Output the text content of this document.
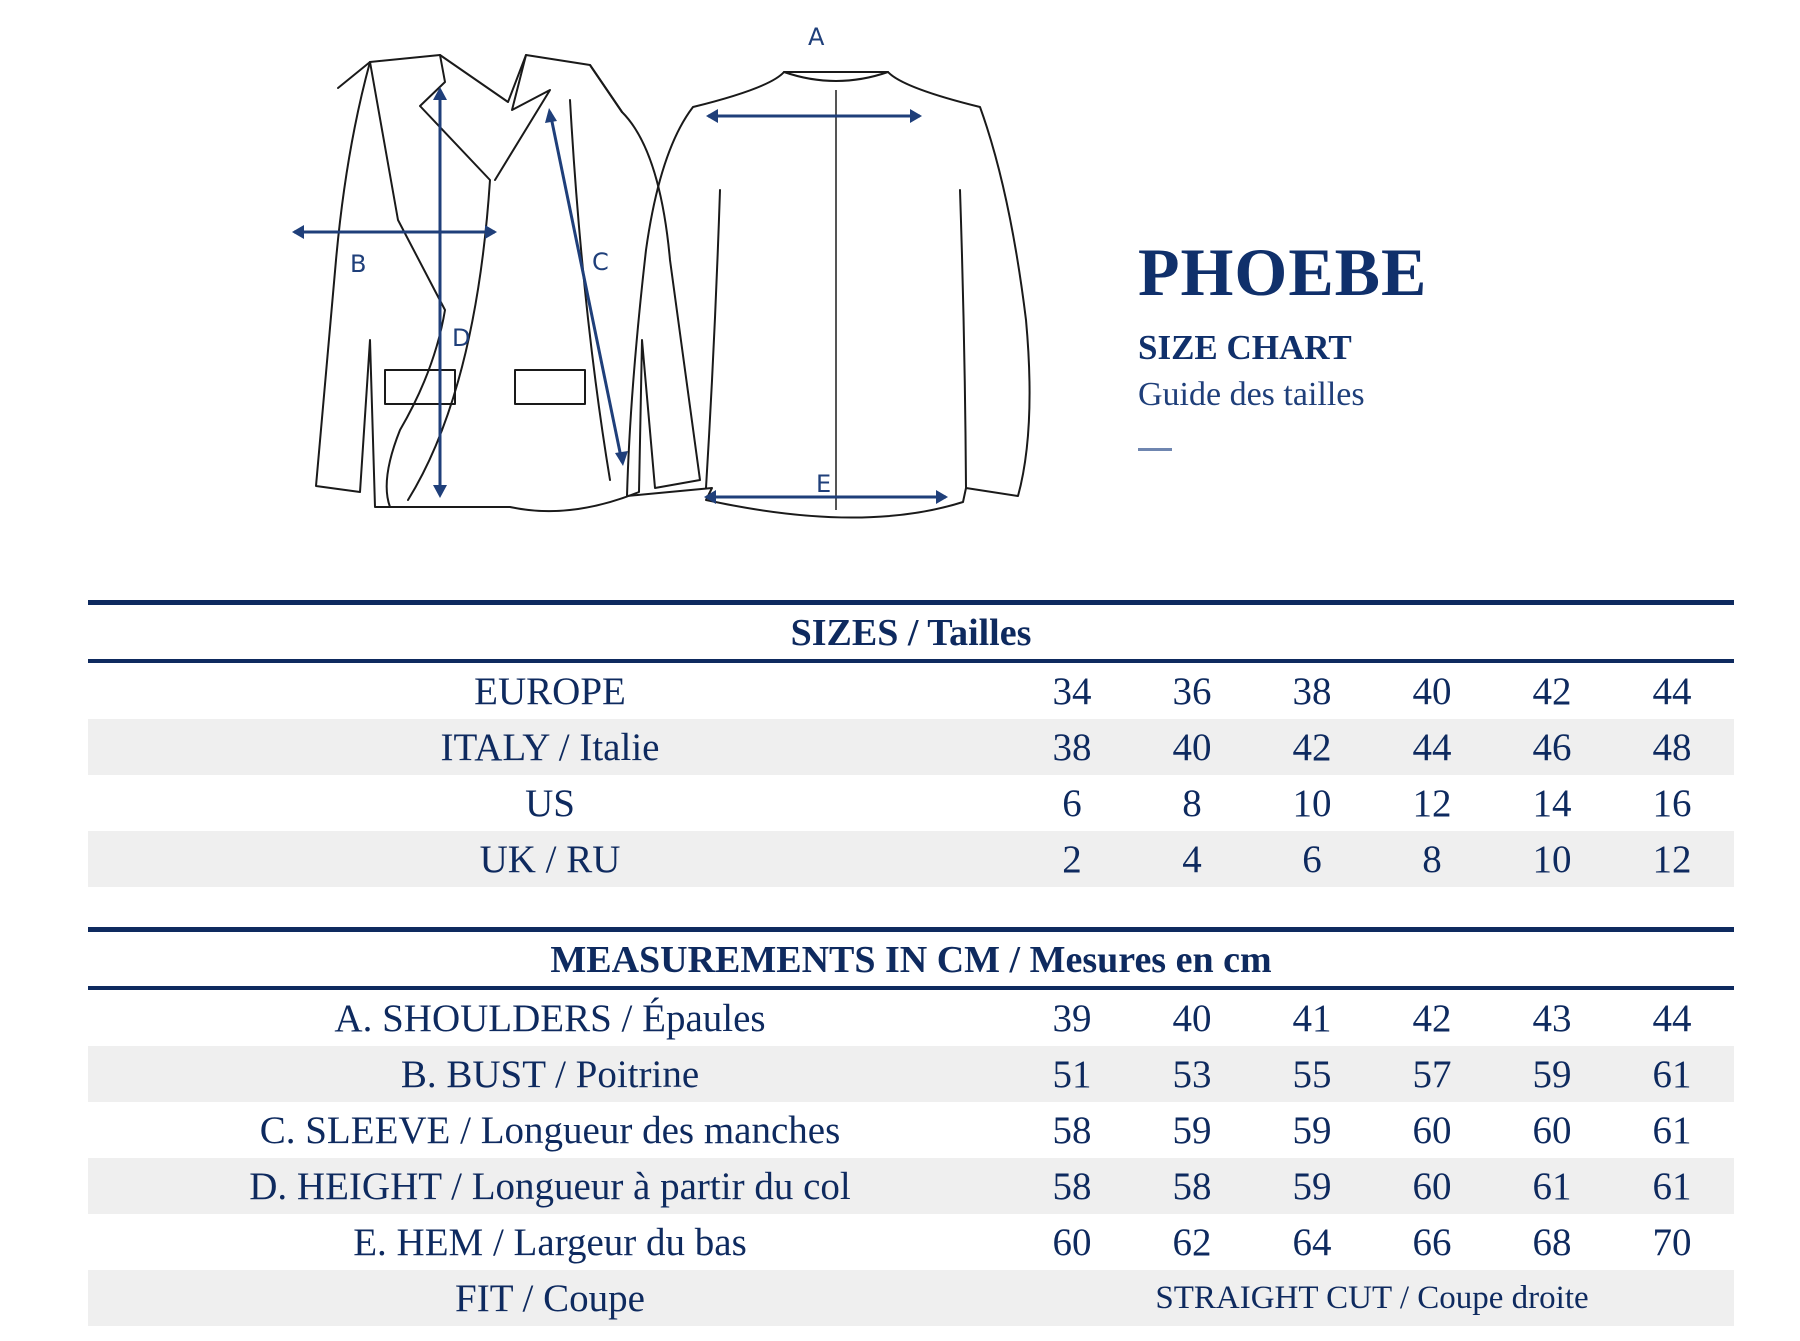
B
D
C
A
E
PHOEBE
SIZE CHART
Guide des tailles
SIZES / Tailles
EUROPE	34	36	38	40	42	44
ITALY / Italie	38	40	42	44	46	48
US	6	8	10	12	14	16
UK / RU	2	4	6	8	10	12
MEASUREMENTS IN CM / Mesures en cm
A. SHOULDERS / Épaules	39	40	41	42	43	44
B. BUST / Poitrine	51	53	55	57	59	61
C. SLEEVE / Longueur des manches	58	59	59	60	60	61
D. HEIGHT / Longueur à partir du col	58	58	59	60	61	61
E. HEM / Largeur du bas	60	62	64	66	68	70
FIT / Coupe	STRAIGHT CUT / Coupe droite
